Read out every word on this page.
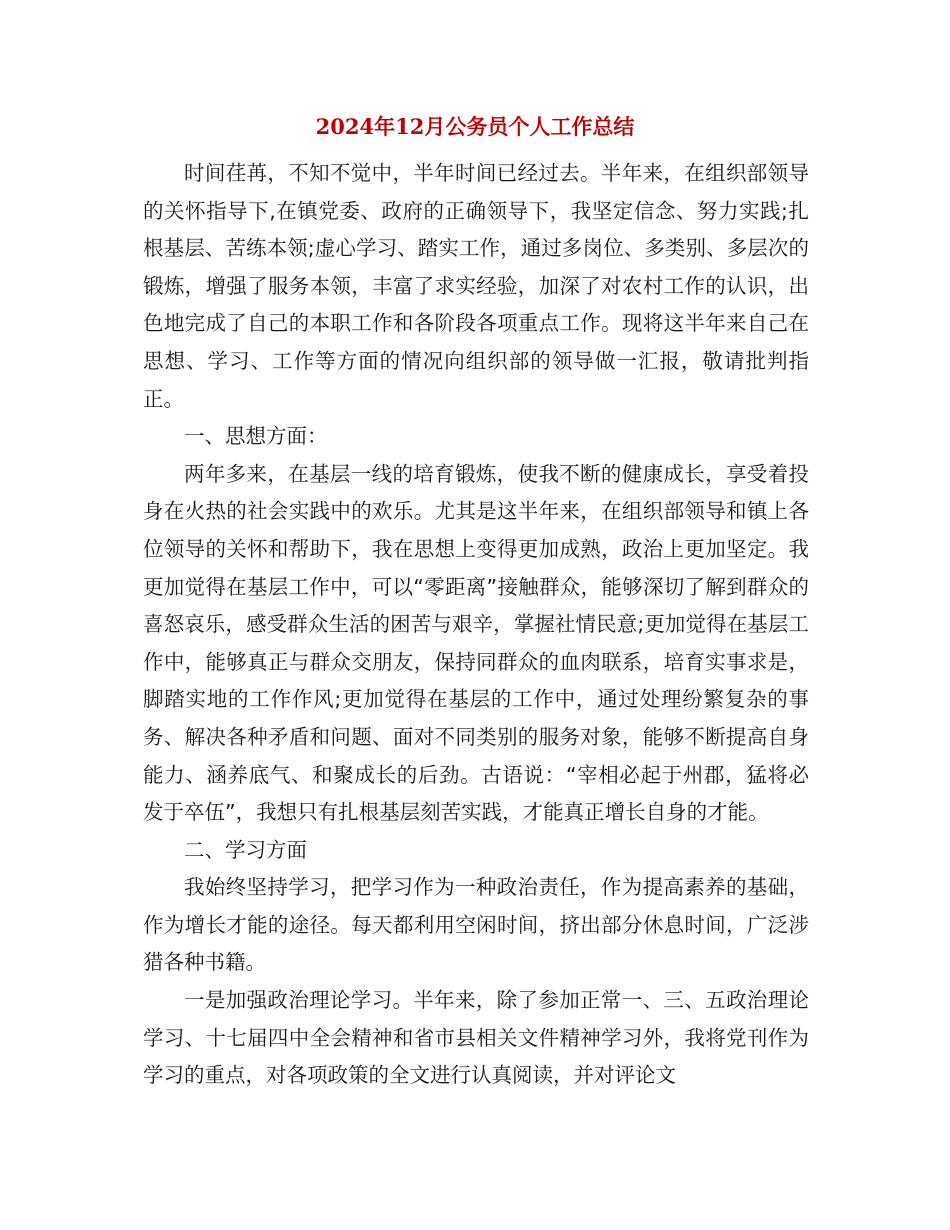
2024年12月公务员个人工作总结

时间荏苒，不知不觉中，半年时间已经过去。半年来，在组织部领导的关怀指导下,在镇党委、政府的正确领导下，我坚定信念、努力实践;扎根基层、苦练本领;虚心学习、踏实工作，通过多岗位、多类别、多层次的锻炼，增强了服务本领，丰富了求实经验，加深了对农村工作的认识，出色地完成了自己的本职工作和各阶段各项重点工作。现将这半年来自己在思想、学习、工作等方面的情况向组织部的领导做一汇报，敬请批判指正。

一、思想方面：

两年多来，在基层一线的培育锻炼，使我不断的健康成长，享受着投身在火热的社会实践中的欢乐。尤其是这半年来，在组织部领导和镇上各位领导的关怀和帮助下，我在思想上变得更加成熟，政治上更加坚定。我更加觉得在基层工作中，可以“零距离”接触群众，能够深切了解到群众的喜怒哀乐，感受群众生活的困苦与艰辛，掌握社情民意;更加觉得在基层工作中，能够真正与群众交朋友，保持同群众的血肉联系，培育实事求是，脚踏实地的工作作风;更加觉得在基层的工作中，通过处理纷繁复杂的事务、解决各种矛盾和问题、面对不同类别的服务对象，能够不断提高自身能力、涵养底气、和聚成长的后劲。古语说：“宰相必起于州郡，猛将必发于卒伍”，我想只有扎根基层刻苦实践，才能真正增长自身的才能。

二、学习方面

我始终坚持学习，把学习作为一种政治责任，作为提高素养的基础，作为增长才能的途径。每天都利用空闲时间，挤出部分休息时间，广泛涉猎各种书籍。

一是加强政治理论学习。半年来，除了参加正常一、三、五政治理论学习、十七届四中全会精神和省市县相关文件精神学习外，我将党刊作为学习的重点，对各项政策的全文进行认真阅读，并对评论文
